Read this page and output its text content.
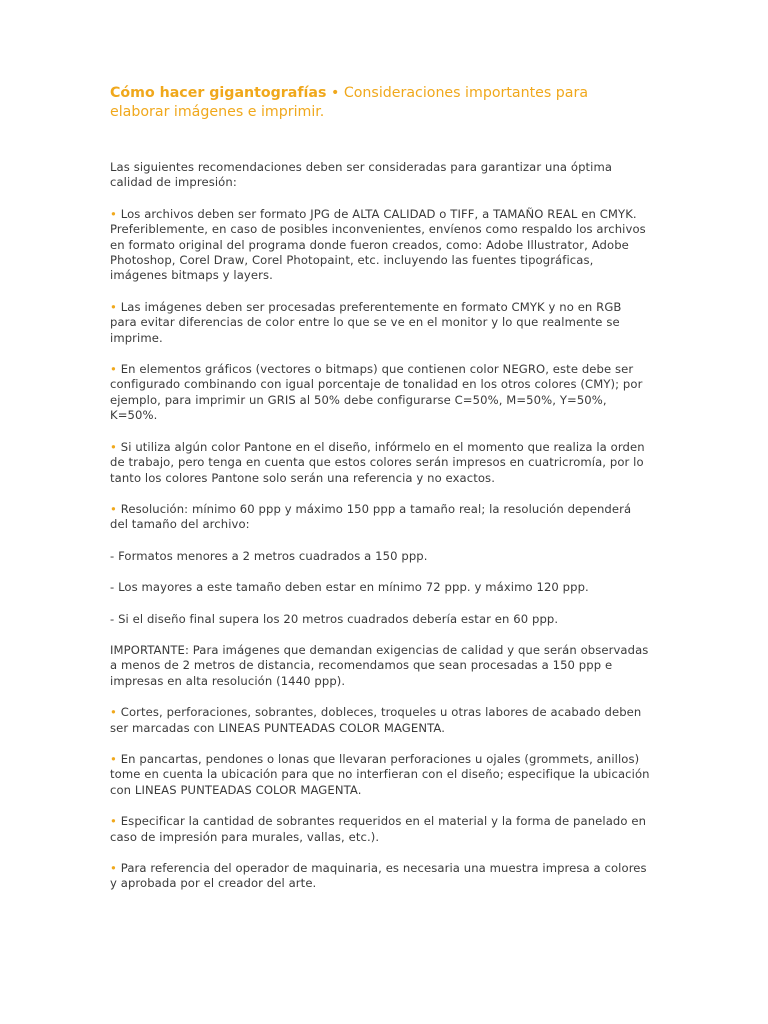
Cómo hacer gigantografías • Consideraciones importantes para elaborar imágenes e imprimir.

Las siguientes recomendaciones deben ser consideradas para garantizar una óptima calidad de impresión:

• Los archivos deben ser formato JPG de ALTA CALIDAD o TIFF, a TAMAÑO REAL en CMYK. Preferiblemente, en caso de posibles inconvenientes, envíenos como respaldo los archivos en formato original del programa donde fueron creados, como: Adobe Illustrator, Adobe Photoshop, Corel Draw, Corel Photopaint, etc. incluyendo las fuentes tipográficas, imágenes bitmaps y layers.

• Las imágenes deben ser procesadas preferentemente en formato CMYK y no en RGB para evitar diferencias de color entre lo que se ve en el monitor y lo que realmente se imprime.

• En elementos gráficos (vectores o bitmaps) que contienen color NEGRO, este debe ser configurado combinando con igual porcentaje de tonalidad en los otros colores (CMY); por ejemplo, para imprimir un GRIS al 50% debe configurarse C=50%, M=50%, Y=50%, K=50%.

• Si utiliza algún color Pantone en el diseño, infórmelo en el momento que realiza la orden de trabajo, pero tenga en cuenta que estos colores serán impresos en cuatricromía, por lo tanto los colores Pantone solo serán una referencia y no exactos.

• Resolución: mínimo 60 ppp y máximo 150 ppp a tamaño real; la resolución dependerá del tamaño del archivo:

- Formatos menores a 2 metros cuadrados a 150 ppp.

- Los mayores a este tamaño deben estar en mínimo 72 ppp. y máximo 120 ppp.

- Si el diseño final supera los 20 metros cuadrados debería estar en 60 ppp.

IMPORTANTE: Para imágenes que demandan exigencias de calidad y que serán observadas a menos de 2 metros de distancia, recomendamos que sean procesadas a 150 ppp e impresas en alta resolución (1440 ppp).

• Cortes, perforaciones, sobrantes, dobleces, troqueles u otras labores de acabado deben ser marcadas con LINEAS PUNTEADAS COLOR MAGENTA.

• En pancartas, pendones o lonas que llevaran perforaciones u ojales (grommets, anillos) tome en cuenta la ubicación para que no interfieran con el diseño; especifique la ubicación con LINEAS PUNTEADAS COLOR MAGENTA.

• Especificar la cantidad de sobrantes requeridos en el material y la forma de panelado en caso de impresión para murales, vallas, etc.).

• Para referencia del operador de maquinaria, es necesaria una muestra impresa a colores y aprobada por el creador del arte.
